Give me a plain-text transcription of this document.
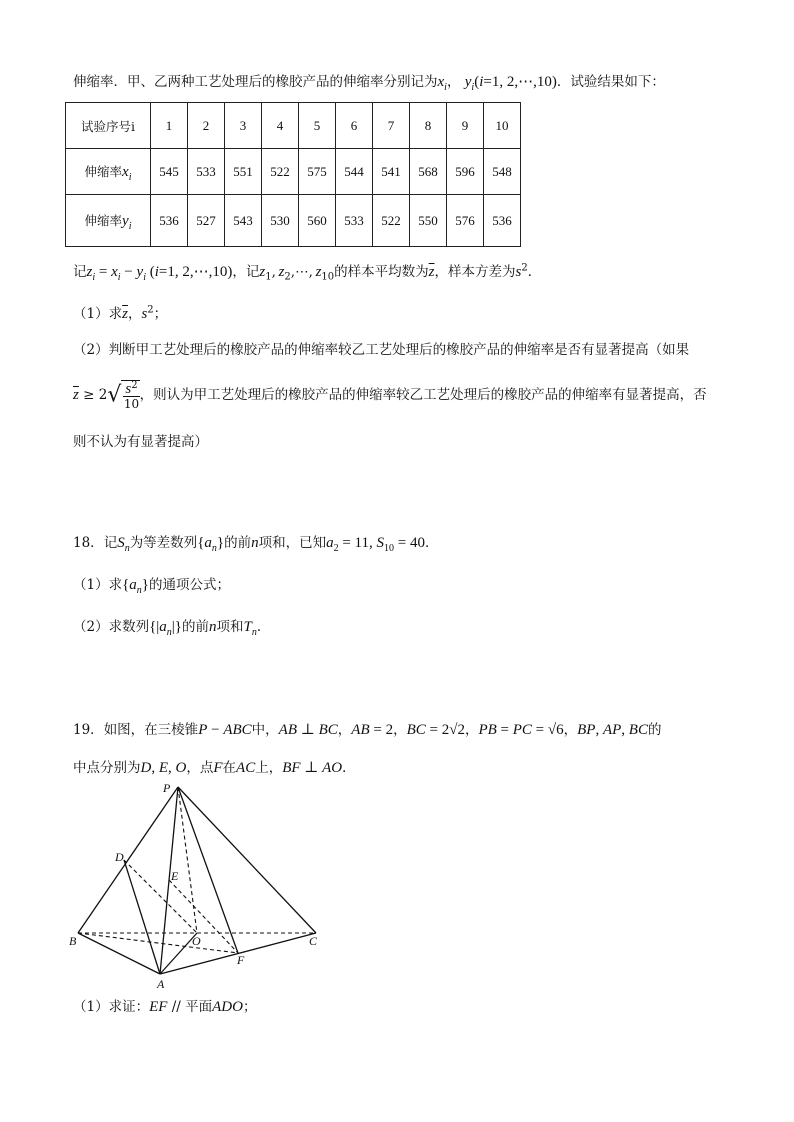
伸缩率．甲、乙两种工艺处理后的橡胶产品的伸缩率分别记为$x_i$， $y_i(i=1$, 2,⋯,10)．试验结果如下：
试验序号i	1	2	3	4	5	6	7	8	9	10
伸缩率$x_i$	545	533	551	522	575	544	541	568	596	548
伸缩率$y_i$	536	527	543	530	560	533	522	550	576	536
记$z_i = x_i - y_i$ (i=1, 2,⋯,10)，记$z_1$, $z_2,\cdots$, $z_{10}$的样本平均数为$\overline{z}$，样本方差为$s^2$．
（1）求$\overline{z}$，$s^2$；
（2）判断甲工艺处理后的橡胶产品的伸缩率较乙工艺处理后的橡胶产品的伸缩率是否有显著提高（如果
$\overline{z} \ge 2√ \frac{s^2}{10}$ ，则认为甲工艺处理后的橡胶产品的伸缩率较乙工艺处理后的橡胶产品的伸缩率有显著提高，否
则不认为有显著提高）
18．记$S_n$为等差数列$\{a_n\}$的前n项和，已知$a_2 = 11$, $S_{10} = 40$．
（1）求$\{a_n\}$的通项公式；
（2）求数列$\{|a_n|\}$的前n项和$T_n$．
19．如图，在三棱锥P − ABC中，AB ⊥ BC，AB = 2，BC = 2√2，PB = PC = √6，BP, AP, BC的
中点分别为D, E, O，点F在AC上，BF ⊥ AO．
P
D
E
B	O
F
C
A
（1）求证：EF // 平面ADO；
